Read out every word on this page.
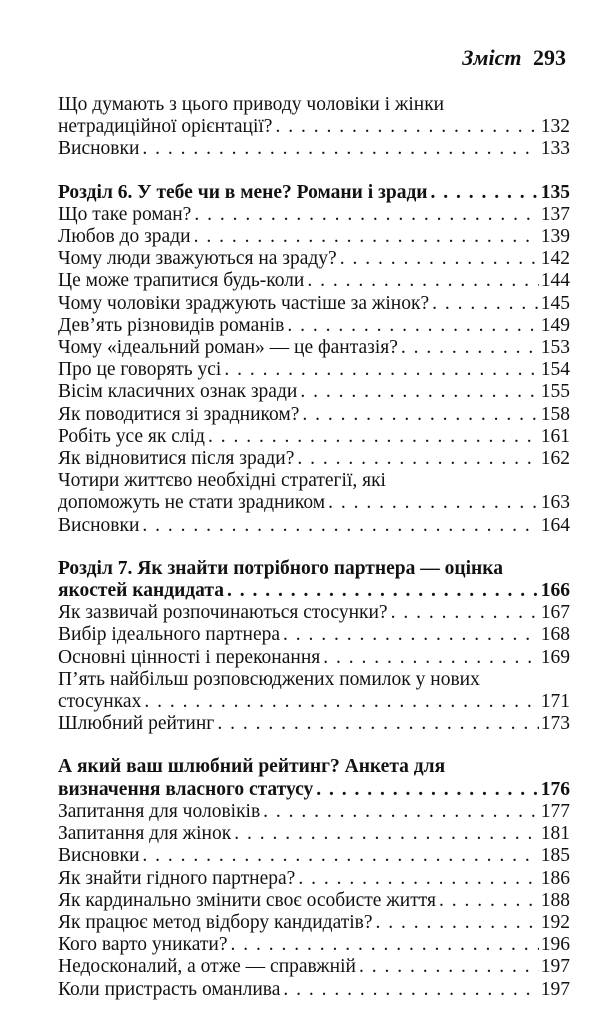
Зміст 293
Що думають з цього приводу чоловіки і жінки
нетрадиційної орієнтації? . . .	132
Висновки . . .	133
Розділ 6. У тебе чи в мене? Романи і зради . . .	135
Що таке роман? . . .	137
Любов до зради . . .	139
Чому люди зважуються на зраду? . . .	142
Це може трапитися будь-коли . . .	144
Чому чоловіки зраджують частіше за жінок? . . .	145
Дев’ять різновидів романів . . .	149
Чому «ідеальний роман» — це фантазія? . . .	153
Про це говорять усі . . .	154
Вісім класичних ознак зради . . .	155
Як поводитися зі зрадником? . . .	158
Робіть усе як слід . . .	161
Як відновитися після зради? . . .	162
Чотири життєво необхідні стратегії, які
допоможуть не стати зрадником . . .	163
Висновки . . .	164
Розділ 7. Як знайти потрібного партнера — оцінка
якостей кандидата . . .	166
Як зазвичай розпочинаються стосунки? . . .	167
Вибір ідеального партнера . . .	168
Основні цінності і переконання . . .	169
П’ять найбільш розповсюджених помилок у нових
стосунках . . .	171
Шлюбний рейтинг . . .	173
А який ваш шлюбний рейтинг? Анкета для
визначення власного статусу . . .	176
Запитання для чоловіків . . .	177
Запитання для жінок . . .	181
Висновки . . .	185
Як знайти гідного партнера? . . .	186
Як кардинально змінити своє особисте життя . . .	188
Як працює метод відбору кандидатів? . . .	192
Кого варто уникати? . . .	196
Недосконалий, а отже — справжній . . .	197
Коли пристрасть оманлива . . .	197
